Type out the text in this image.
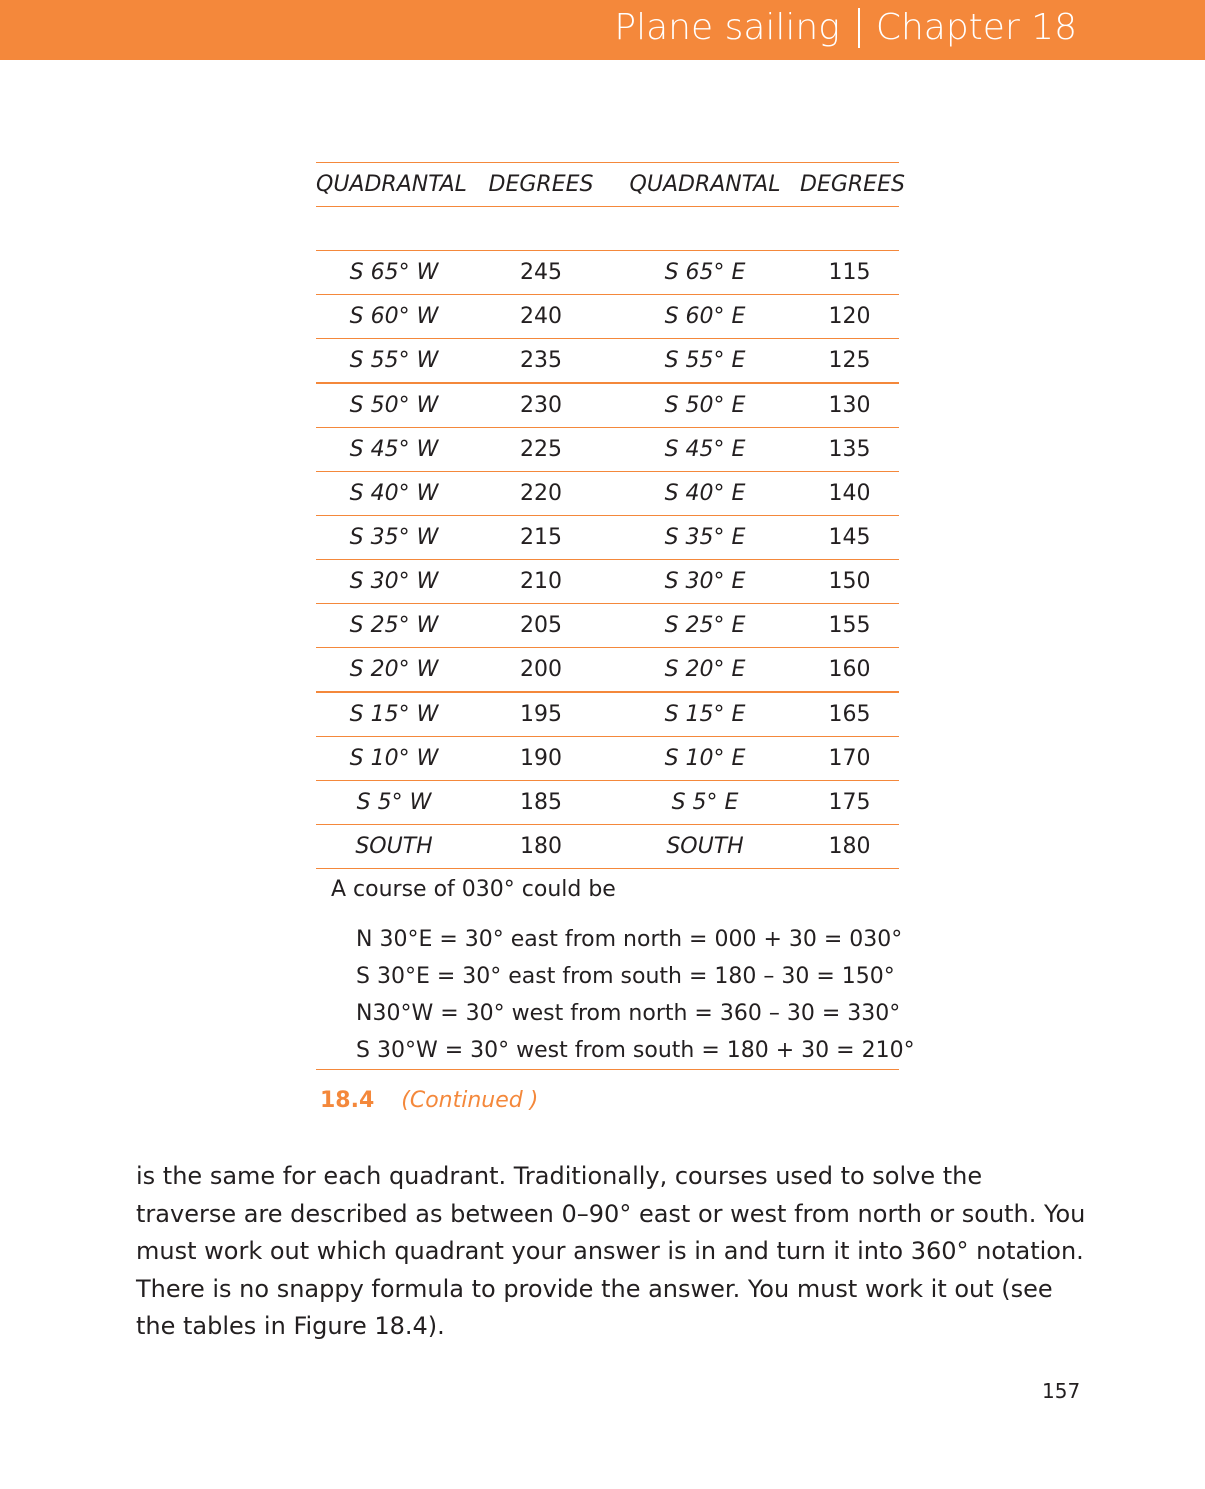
Plane sailing Chapter 18
QUADRANTAL DEGREES	QUADRANTAL DEGREES
S 65° W	245	S 65° E	115
S 60° W	240	S 60° E	120
S 55° W	235	S 55° E	125
S 50° W	230	S 50° E	130
S 45° W	225	S 45° E	135
S 40° W	220	S 40° E	140
S 35° W	215	S 35° E	145
S 30° W	210	S 30° E	150
S 25° W	205	S 25° E	155
S 20° W	200	S 20° E	160
S 15° W	195	S 15° E	165
S 10° W	190	S 10° E	170
S 5° W	185	S 5° E	175
SOUTH	180	SOUTH	180
A course of 030° could be
N 30°E = 30° east from north = 000 + 30 = 030°
S 30°E = 30° east from south = 180 – 30 = 150°
N30°W = 30° west from north = 360 – 30 = 330°
S 30°W = 30° west from south = 180 + 30 = 210°
18.4 (Continued )
is the same for each quadrant. Traditionally, courses used to solve the traverse are described as between 0–90° east or west from north or south. You must work out which quadrant your answer is in and turn it into 360° notation. There is no snappy formula to provide the answer. You must work it out (see the tables in Figure 18.4).
157
